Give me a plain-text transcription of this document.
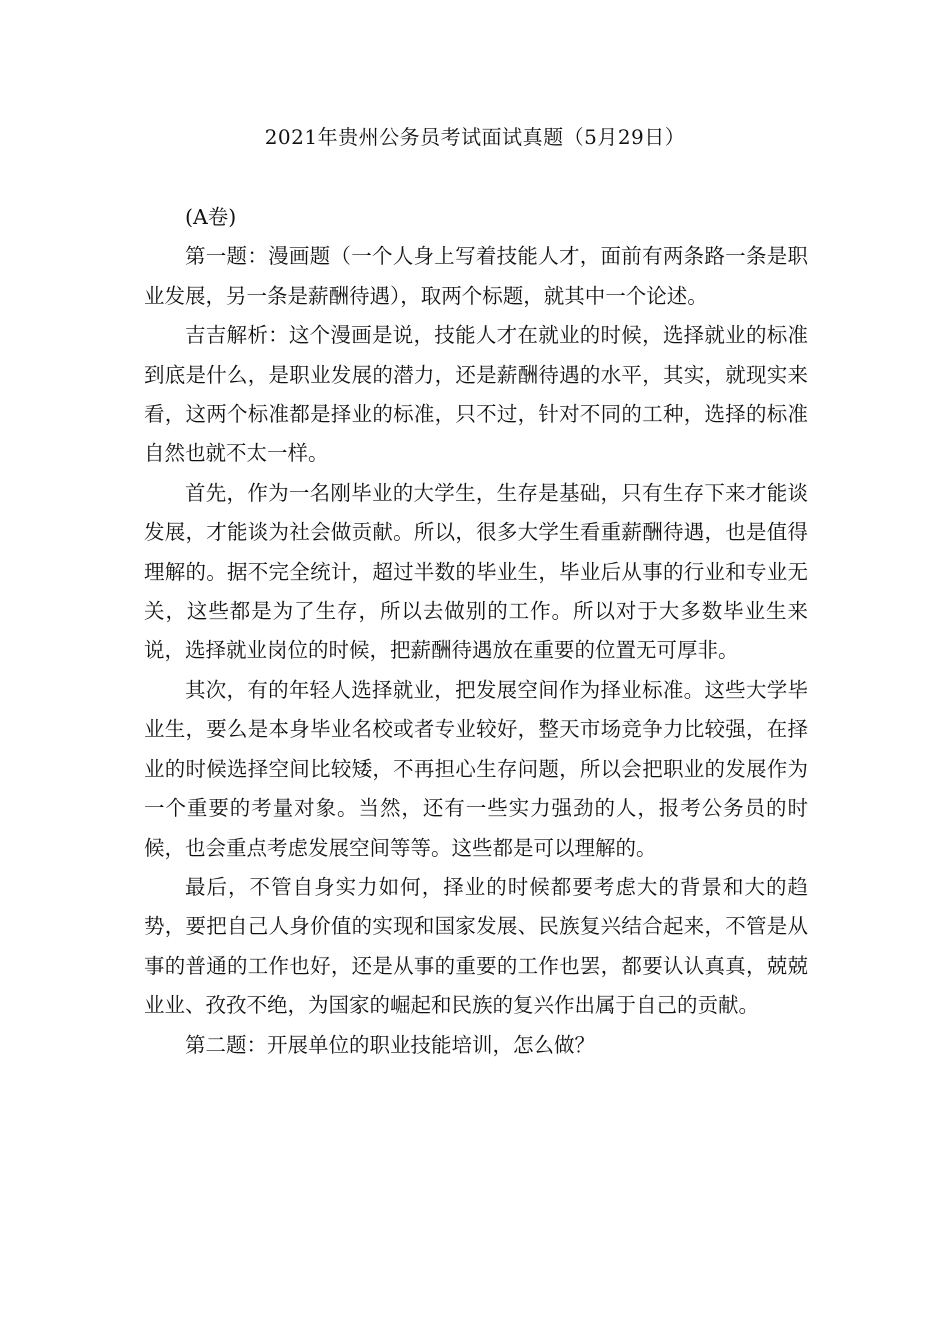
2021年贵州公务员考试面试真题（5月29日）

(A卷)

第一题：漫画题（一个人身上写着技能人才，面前有两条路一条是职业发展，另一条是薪酬待遇），取两个标题，就其中一个论述。

吉吉解析：这个漫画是说，技能人才在就业的时候，选择就业的标准到底是什么，是职业发展的潜力，还是薪酬待遇的水平，其实，就现实来看，这两个标准都是择业的标准，只不过，针对不同的工种，选择的标准自然也就不太一样。

首先，作为一名刚毕业的大学生，生存是基础，只有生存下来才能谈发展，才能谈为社会做贡献。所以，很多大学生看重薪酬待遇，也是值得理解的。据不完全统计，超过半数的毕业生，毕业后从事的行业和专业无关，这些都是为了生存，所以去做别的工作。所以对于大多数毕业生来说，选择就业岗位的时候，把薪酬待遇放在重要的位置无可厚非。

其次，有的年轻人选择就业，把发展空间作为择业标准。这些大学毕业生，要么是本身毕业名校或者专业较好，整天市场竞争力比较强，在择业的时候选择空间比较矮，不再担心生存问题，所以会把职业的发展作为一个重要的考量对象。当然，还有一些实力强劲的人，报考公务员的时候，也会重点考虑发展空间等等。这些都是可以理解的。

最后，不管自身实力如何，择业的时候都要考虑大的背景和大的趋势，要把自己人身价值的实现和国家发展、民族复兴结合起来，不管是从事的普通的工作也好，还是从事的重要的工作也罢，都要认认真真，兢兢业业、孜孜不绝，为国家的崛起和民族的复兴作出属于自己的贡献。

第二题：开展单位的职业技能培训，怎么做？
